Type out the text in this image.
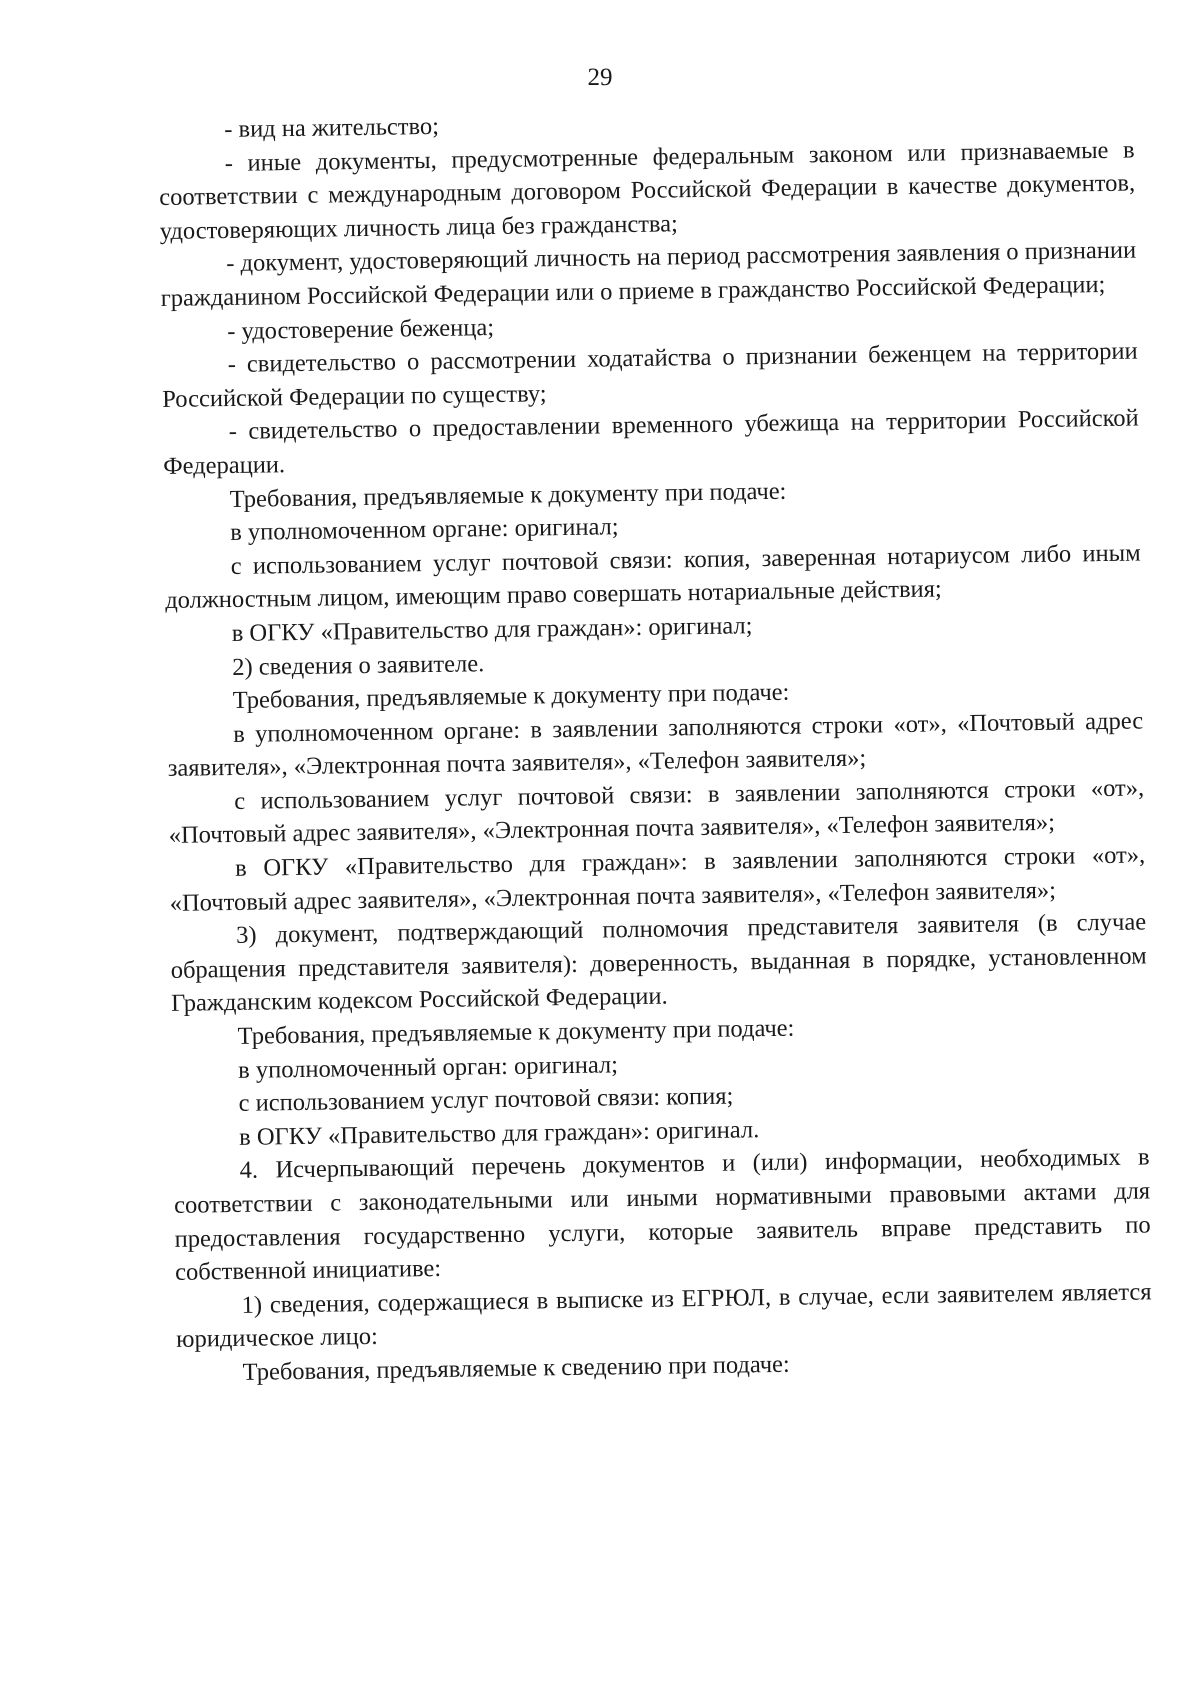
29

- вид на жительство;

- иные документы, предусмотренные федеральным законом или признаваемые в соответствии с международным договором Российской Федерации в качестве документов, удостоверяющих личность лица без гражданства;

- документ, удостоверяющий личность на период рассмотрения заявления о признании гражданином Российской Федерации или о приеме в гражданство Российской Федерации;

- удостоверение беженца;

- свидетельство о рассмотрении ходатайства о признании беженцем на территории Российской Федерации по существу;

- свидетельство о предоставлении временного убежища на территории Российской Федерации.

Требования, предъявляемые к документу при подаче:

в уполномоченном органе: оригинал;

с использованием услуг почтовой связи: копия, заверенная нотариусом либо иным должностным лицом, имеющим право совершать нотариальные действия;

в ОГКУ «Правительство для граждан»: оригинал;

2) сведения о заявителе.

Требования, предъявляемые к документу при подаче:

в уполномоченном органе: в заявлении заполняются строки «от», «Почтовый адрес заявителя», «Электронная почта заявителя», «Телефон заявителя»;

с использованием услуг почтовой связи: в заявлении заполняются строки «от», «Почтовый адрес заявителя», «Электронная почта заявителя», «Телефон заявителя»;

в ОГКУ «Правительство для граждан»: в заявлении заполняются строки «от», «Почтовый адрес заявителя», «Электронная почта заявителя», «Телефон заявителя»;

3) документ, подтверждающий полномочия представителя заявителя (в случае обращения представителя заявителя): доверенность, выданная в порядке, установленном Гражданским кодексом Российской Федерации.

Требования, предъявляемые к документу при подаче:

в уполномоченный орган: оригинал;

с использованием услуг почтовой связи: копия;

в ОГКУ «Правительство для граждан»: оригинал.

4. Исчерпывающий перечень документов и (или) информации, необходимых в соответствии с законодательными или иными нормативными правовыми актами для предоставления государственно услуги, которые заявитель вправе представить по собственной инициативе:

1) сведения, содержащиеся в выписке из ЕГРЮЛ, в случае, если заявителем является юридическое лицо:

Требования, предъявляемые к сведению при подаче:
